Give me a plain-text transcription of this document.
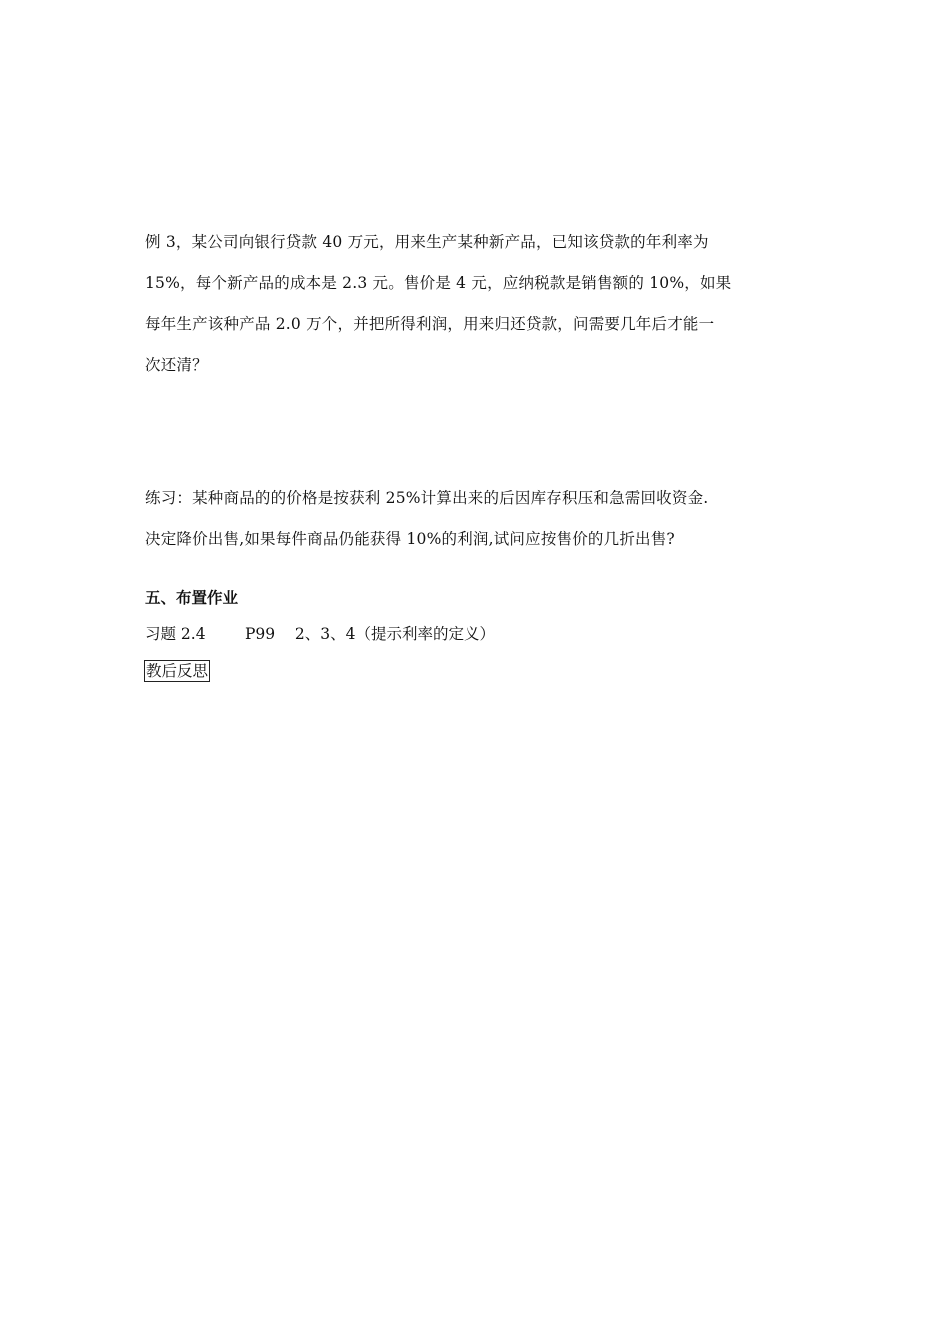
例 3，某公司向银行贷款 40 万元，用来生产某种新产品，已知该贷款的年利率为

15%，每个新产品的成本是 2.3 元。售价是 4 元，应纳税款是销售额的 10%，如果

每年生产该种产品 2.0 万个，并把所得利润，用来归还贷款，问需要几年后才能一

次还清？

练习：某种商品的的价格是按获利 25%计算出来的后因库存积压和急需回收资金.

决定降价出售,如果每件商品仍能获得 10%的利润,试问应按售价的几折出售?

五、布置作业
习题 2.4        P99    2、3、4（提示利率的定义）
教后反思
